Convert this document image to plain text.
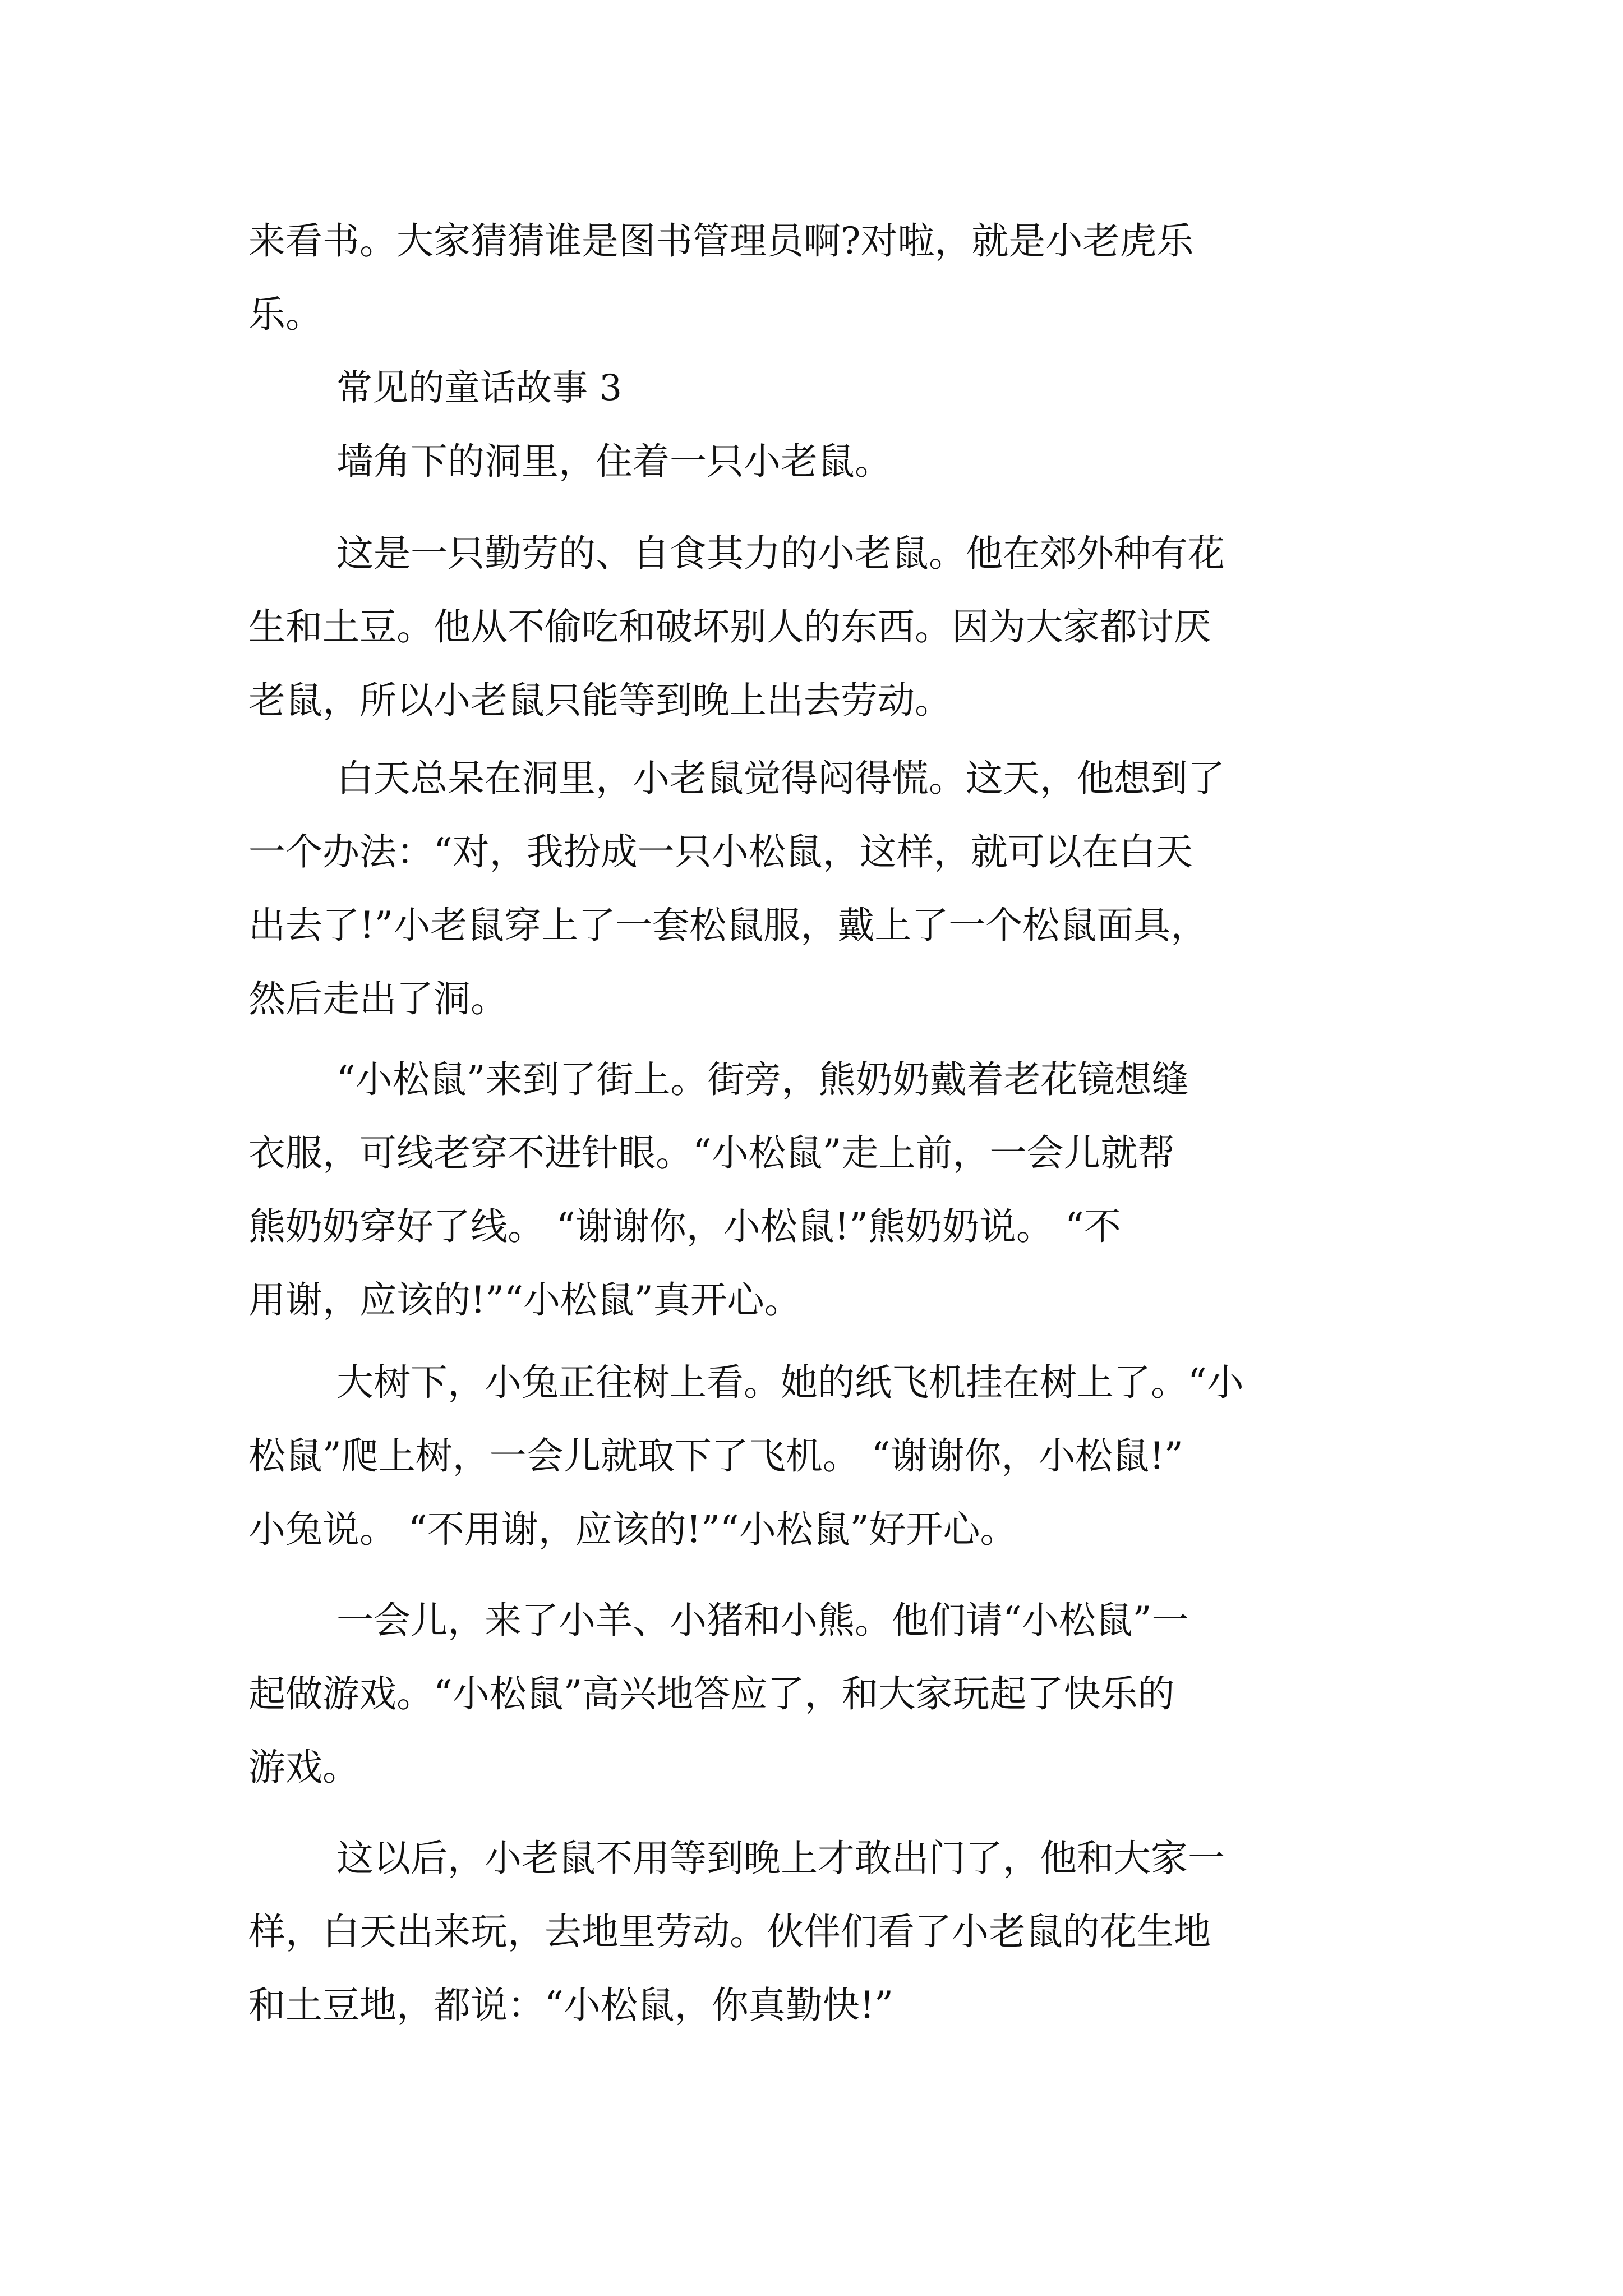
来看书。大家猜猜谁是图书管理员啊?对啦，就是小老虎乐
乐。
常见的童话故事 3
墙角下的洞里，住着一只小老鼠。
这是一只勤劳的、自食其力的小老鼠。他在郊外种有花
生和土豆。他从不偷吃和破坏别人的东西。因为大家都讨厌
老鼠，所以小老鼠只能等到晚上出去劳动。
白天总呆在洞里，小老鼠觉得闷得慌。这天，他想到了
一个办法：“对，我扮成一只小松鼠，这样，就可以在白天
出去了!”小老鼠穿上了一套松鼠服，戴上了一个松鼠面具，
然后走出了洞。
“小松鼠”来到了街上。街旁，熊奶奶戴着老花镜想缝
衣服，可线老穿不进针眼。“小松鼠”走上前，一会儿就帮
熊奶奶穿好了线。 “谢谢你，小松鼠!”熊奶奶说。 “不
用谢，应该的!”“小松鼠”真开心。
大树下，小兔正往树上看。她的纸飞机挂在树上了。“小
松鼠”爬上树，一会儿就取下了飞机。 “谢谢你，小松鼠!”
小兔说。 “不用谢，应该的!”“小松鼠”好开心。
一会儿，来了小羊、小猪和小熊。他们请“小松鼠”一
起做游戏。“小松鼠”高兴地答应了，和大家玩起了快乐的
游戏。
这以后，小老鼠不用等到晚上才敢出门了，他和大家一
样，白天出来玩，去地里劳动。伙伴们看了小老鼠的花生地
和土豆地，都说：“小松鼠，你真勤快!”
